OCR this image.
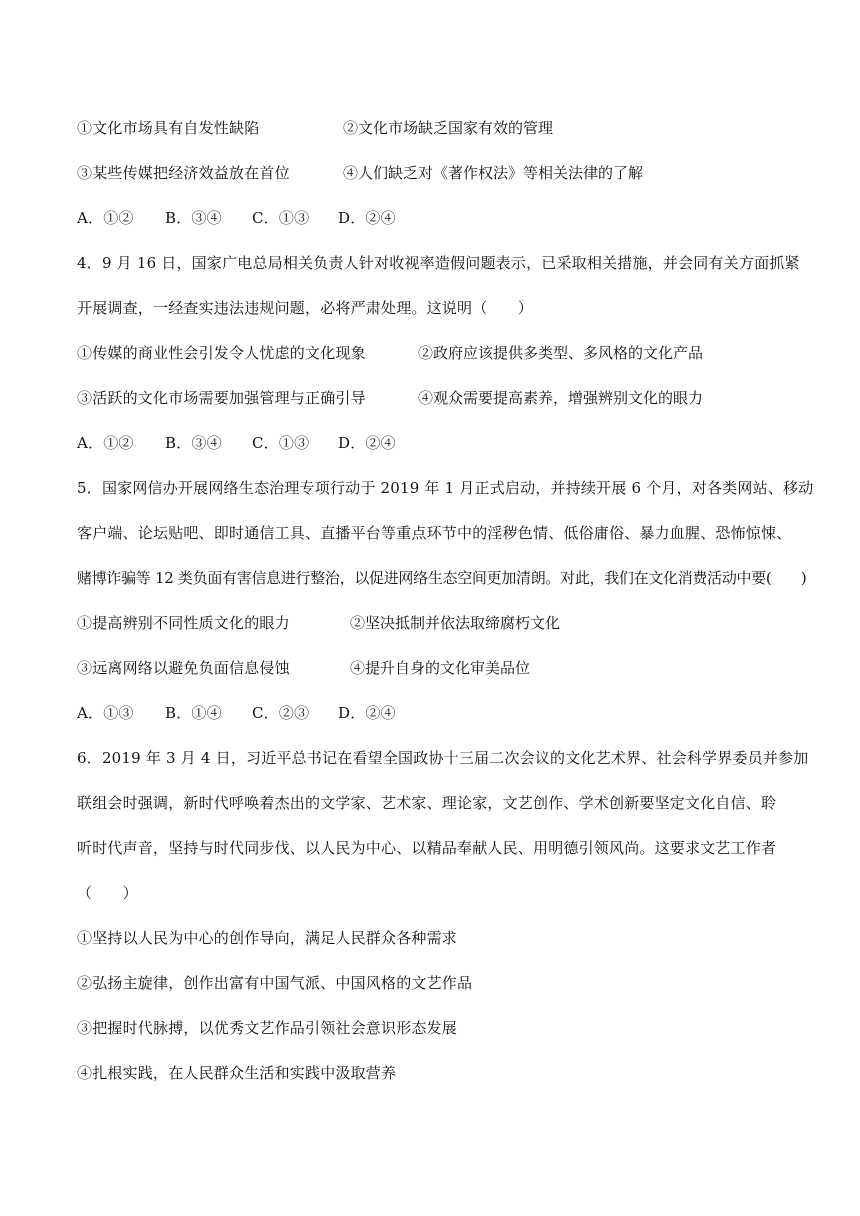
①文化市场具有自发性缺陷	②文化市场缺乏国家有效的管理
③某些传媒把经济效益放在首位	④人们缺乏对《著作权法》等相关法律的了解
A．①② B．③④ C．①③ D．②④
4．9 月 16 日，国家广电总局相关负责人针对收视率造假问题表示，已采取相关措施，并会同有关方面抓紧
开展调查，一经查实违法违规问题，必将严肃处理。这说明（　　）
①传媒的商业性会引发令人忧虑的文化现象	②政府应该提供多类型、多风格的文化产品
③活跃的文化市场需要加强管理与正确引导	④观众需要提高素养，增强辨别文化的眼力
A．①② B．③④ C．①③ D．②④
5．国家网信办开展网络生态治理专项行动于 2019 年 1 月正式启动，并持续开展 6 个月，对各类网站、移动
客户端、论坛贴吧、即时通信工具、直播平台等重点环节中的淫秽色情、低俗庸俗、暴力血腥、恐怖惊悚、
赌博诈骗等 12 类负面有害信息进行整治，以促进网络生态空间更加清朗。对此，我们在文化消费活动中要(　　)
①提高辨别不同性质文化的眼力	②坚决抵制并依法取缔腐朽文化
③远离网络以避免负面信息侵蚀	④提升自身的文化审美品位
A．①③ B．①④ C．②③ D．②④
6．2019 年 3 月 4 日，习近平总书记在看望全国政协十三届二次会议的文化艺术界、社会科学界委员并参加
联组会时强调，新时代呼唤着杰出的文学家、艺术家、理论家，文艺创作、学术创新要坚定文化自信、聆
听时代声音，坚持与时代同步伐、以人民为中心、以精品奉献人民、用明德引领风尚。这要求文艺工作者
（　　）
①坚持以人民为中心的创作导向，满足人民群众各种需求
②弘扬主旋律，创作出富有中国气派、中国风格的文艺作品
③把握时代脉搏，以优秀文艺作品引领社会意识形态发展
④扎根实践，在人民群众生活和实践中汲取营养
